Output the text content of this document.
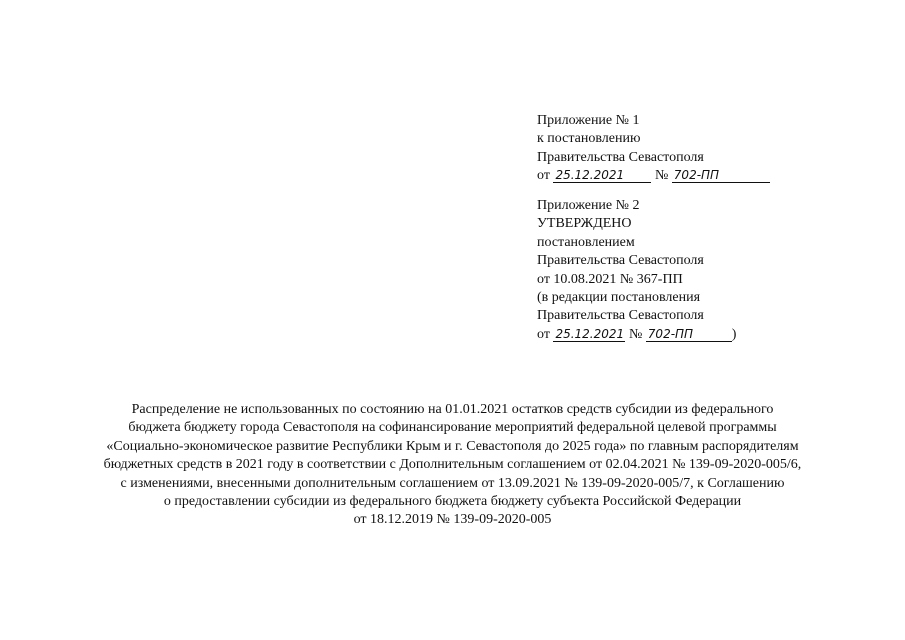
Приложение № 1
к постановлению
Правительства Севастополя
от 25.12.2021 № 702-ПП
Приложение № 2
УТВЕРЖДЕНО
постановлением
Правительства Севастополя
от 10.08.2021 № 367-ПП
(в редакции постановления
Правительства Севастополя
от 25.12.2021 № 702-ПП	)
Распределение не использованных по состоянию на 01.01.2021 остатков средств субсидии из федерального
бюджета бюджету города Севастополя на софинансирование мероприятий федеральной целевой программы
«Социально-экономическое развитие Республики Крым и г. Севастополя до 2025 года» по главным распорядителям
бюджетных средств в 2021 году в соответствии с Дополнительным соглашением от 02.04.2021 № 139-09-2020-005/6,
с изменениями, внесенными дополнительным соглашением от 13.09.2021 № 139-09-2020-005/7, к Соглашению
о предоставлении субсидии из федерального бюджета бюджету субъекта Российской Федерации
от 18.12.2019 № 139-09-2020-005
